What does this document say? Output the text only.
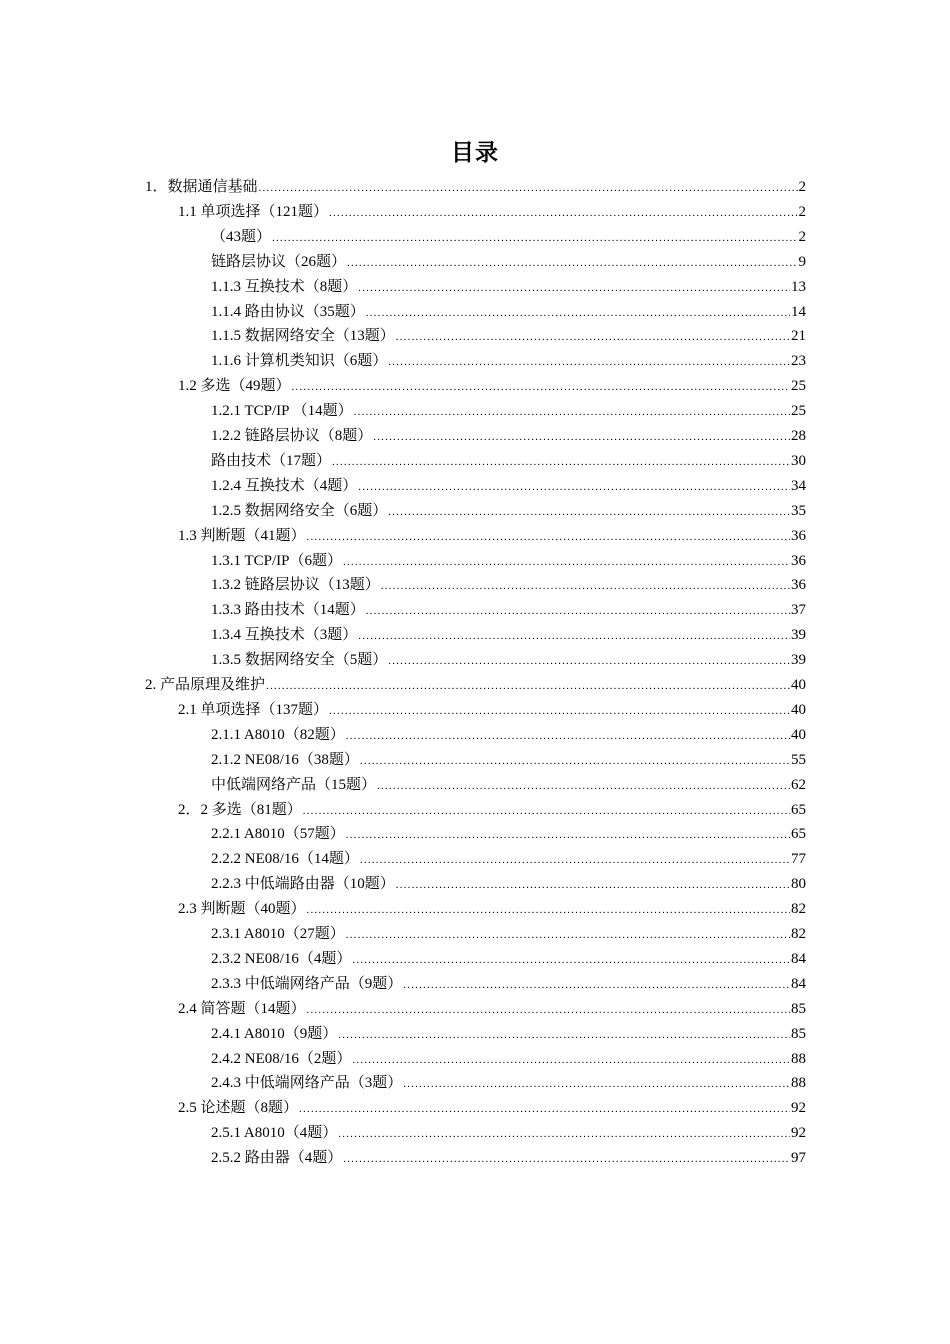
目录
1．数据通信基础 .....	2
1.1 单项选择（121题） .....	2
（43题） .....	2
链路层协议（26题） .....	9
1.1.3 互换技术（8题） .....	13
1.1.4 路由协议（35题） .....	14
1.1.5 数据网络安全（13题） .....	21
1.1.6 计算机类知识（6题） .....	23
1.2 多选（49题） .....	25
1.2.1 TCP/IP （14题） .....	25
1.2.2 链路层协议（8题） .....	28
路由技术（17题） .....	30
1.2.4 互换技术（4题） .....	34
1.2.5 数据网络安全（6题） .....	35
1.3 判断题（41题） .....	36
1.3.1 TCP/IP（6题） .....	36
1.3.2 链路层协议（13题） .....	36
1.3.3 路由技术（14题） .....	37
1.3.4 互换技术（3题） .....	39
1.3.5 数据网络安全（5题） .....	39
2. 产品原理及维护 .....	40
2.1 单项选择（137题） .....	40
2.1.1 A8010（82题） .....	40
2.1.2 NE08/16（38题） .....	55
中低端网络产品（15题） .....	62
2．2 多选（81题） .....	65
2.2.1 A8010（57题） .....	65
2.2.2 NE08/16（14题） .....	77
2.2.3 中低端路由器（10题） .....	80
2.3 判断题（40题） .....	82
2.3.1 A8010（27题） .....	82
2.3.2 NE08/16（4题） .....	84
2.3.3 中低端网络产品（9题） .....	84
2.4 简答题（14题） .....	85
2.4.1 A8010（9题） .....	85
2.4.2 NE08/16（2题） .....	88
2.4.3 中低端网络产品（3题） .....	88
2.5 论述题（8题） .....	92
2.5.1 A8010（4题） .....	92
2.5.2 路由器（4题） .....	97
